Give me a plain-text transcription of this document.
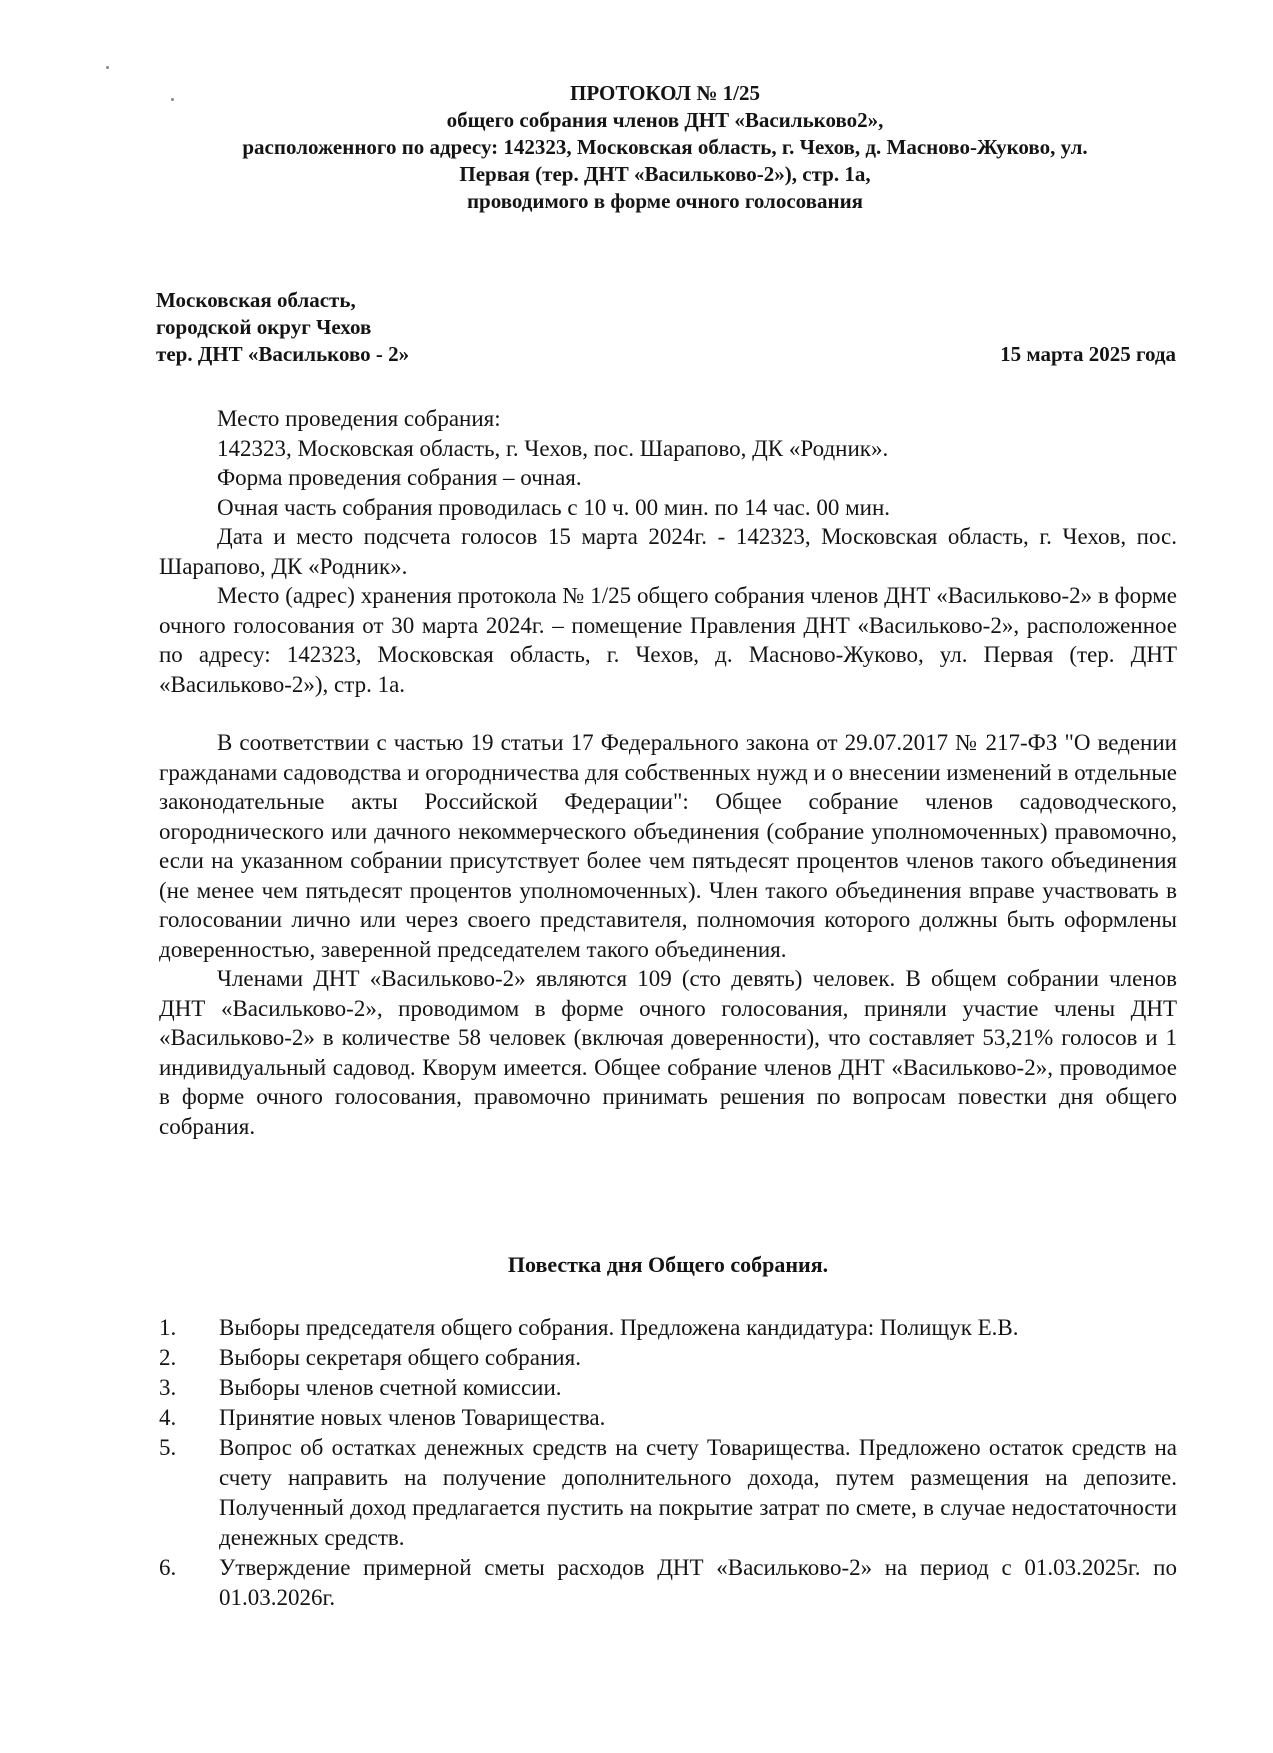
ПРОТОКОЛ № 1/25
общего собрания членов ДНТ «Васильково2»,
расположенного по адресу: 142323, Московская область, г. Чехов, д. Масново-Жуково, ул.
Первая (тер. ДНТ «Васильково-2»), стр. 1а,
проводимого в форме очного голосования
Московская область,
городской округ Чехов
тер. ДНТ «Васильково - 2»	15 марта 2025 года

Место проведения собрания:

142323, Московская область, г. Чехов, пос. Шарапово, ДК «Родник».

Форма проведения собрания – очная.

Очная часть собрания проводилась с 10 ч. 00 мин. по 14 час. 00 мин.

Дата и место подсчета голосов 15 марта 2024г. - 142323, Московская область, г. Чехов, пос. Шарапово, ДК «Родник».

Место (адрес) хранения протокола № 1/25 общего собрания членов ДНТ «Васильково-2» в форме очного голосования от 30 марта 2024г. – помещение Правления ДНТ «Васильково-2», расположенное по адресу: 142323, Московская область, г. Чехов, д. Масново-Жуково, ул. Первая (тер. ДНТ «Васильково-2»), стр. 1а.

В соответствии с частью 19 статьи 17 Федерального закона от 29.07.2017 № 217-ФЗ "О ведении гражданами садоводства и огородничества для собственных нужд и о внесении изменений в отдельные законодательные акты Российской Федерации": Общее собрание членов садоводческого, огороднического или дачного некоммерческого объединения (собрание уполномоченных) правомочно, если на указанном собрании присутствует более чем пятьдесят процентов членов такого объединения (не менее чем пятьдесят процентов уполномоченных). Член такого объединения вправе участвовать в голосовании лично или через своего представителя, полномочия которого должны быть оформлены доверенностью, заверенной председателем такого объединения.

Членами ДНТ «Васильково-2» являются 109 (сто девять) человек. В общем собрании членов ДНТ «Васильково-2», проводимом в форме очного голосования, приняли участие члены ДНТ «Васильково-2» в количестве 58 человек (включая доверенности), что составляет 53,21% голосов и 1 индивидуальный садовод. Кворум имеется. Общее собрание членов ДНТ «Васильково-2», проводимое в форме очного голосования, правомочно принимать решения по вопросам повестки дня общего собрания.

Повестка дня Общего собрания.
1.	Выборы председателя общего собрания. Предложена кандидатура: Полищук Е.В.
2.	Выборы секретаря общего собрания.
3.	Выборы членов счетной комиссии.
4.	Принятие новых членов Товарищества.
5.	Вопрос об остатках денежных средств на счету Товарищества. Предложено остаток средств на счету направить на получение дополнительного дохода, путем размещения на депозите. Полученный доход предлагается пустить на покрытие затрат по смете, в случае недостаточности денежных средств.
6.	Утверждение примерной сметы расходов ДНТ «Васильково-2» на период с 01.03.2025г. по 01.03.2026г.
